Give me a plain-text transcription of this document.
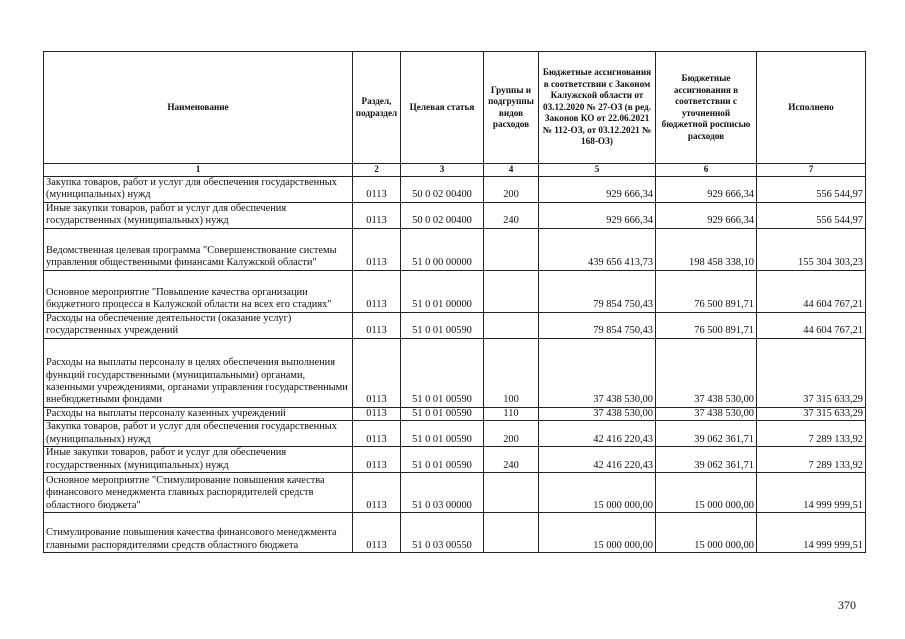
Наименование	Раздел, подраздел	Целевая статья	Группы и подгруппы видов расходов	Бюджетные ассигнования в соответствии с Законом Калужской области от 03.12.2020 № 27-ОЗ (в ред. Законов КО от 22.06.2021 № 112-ОЗ, от 03.12.2021 № 168-ОЗ)	Бюджетные ассигнования в соответствии с уточненной бюджетной росписью расходов	Исполнено
1	2	3	4	5	6	7
Закупка товаров, работ и услуг для обеспечения государственных (муниципальных) нужд	0113	50 0 02 00400	200	929 666,34	929 666,34	556 544,97
Иные закупки товаров, работ и услуг для обеспечения государственных (муниципальных) нужд	0113	50 0 02 00400	240	929 666,34	929 666,34	556 544,97
Ведомственная целевая программа "Совершенствование системы управления общественными финансами Калужской области"	0113	51 0 00 00000		439 656 413,73	198 458 338,10	155 304 303,23
Основное мероприятие "Повышение качества организации бюджетного процесса в Калужской области на всех его стадиях"	0113	51 0 01 00000		79 854 750,43	76 500 891,71	44 604 767,21
Расходы на обеспечение деятельности (оказание услуг) государственных учреждений	0113	51 0 01 00590		79 854 750,43	76 500 891,71	44 604 767,21
Расходы на выплаты персоналу в целях обеспечения выполнения функций государственными (муниципальными) органами, казенными учреждениями, органами управления государственными внебюджетными фондами	0113	51 0 01 00590	100	37 438 530,00	37 438 530,00	37 315 633,29
Расходы на выплаты персоналу казенных учреждений	0113	51 0 01 00590	110	37 438 530,00	37 438 530,00	37 315 633,29
Закупка товаров, работ и услуг для обеспечения государственных (муниципальных) нужд	0113	51 0 01 00590	200	42 416 220,43	39 062 361,71	7 289 133,92
Иные закупки товаров, работ и услуг для обеспечения государственных (муниципальных) нужд	0113	51 0 01 00590	240	42 416 220,43	39 062 361,71	7 289 133,92
Основное мероприятие "Стимулирование повышения качества финансового менеджмента главных распорядителей средств областного бюджета"	0113	51 0 03 00000		15 000 000,00	15 000 000,00	14 999 999,51
Стимулирование повышения качества финансового менеджмента главными распорядителями средств областного бюджета	0113	51 0 03 00550		15 000 000,00	15 000 000,00	14 999 999,51
370
